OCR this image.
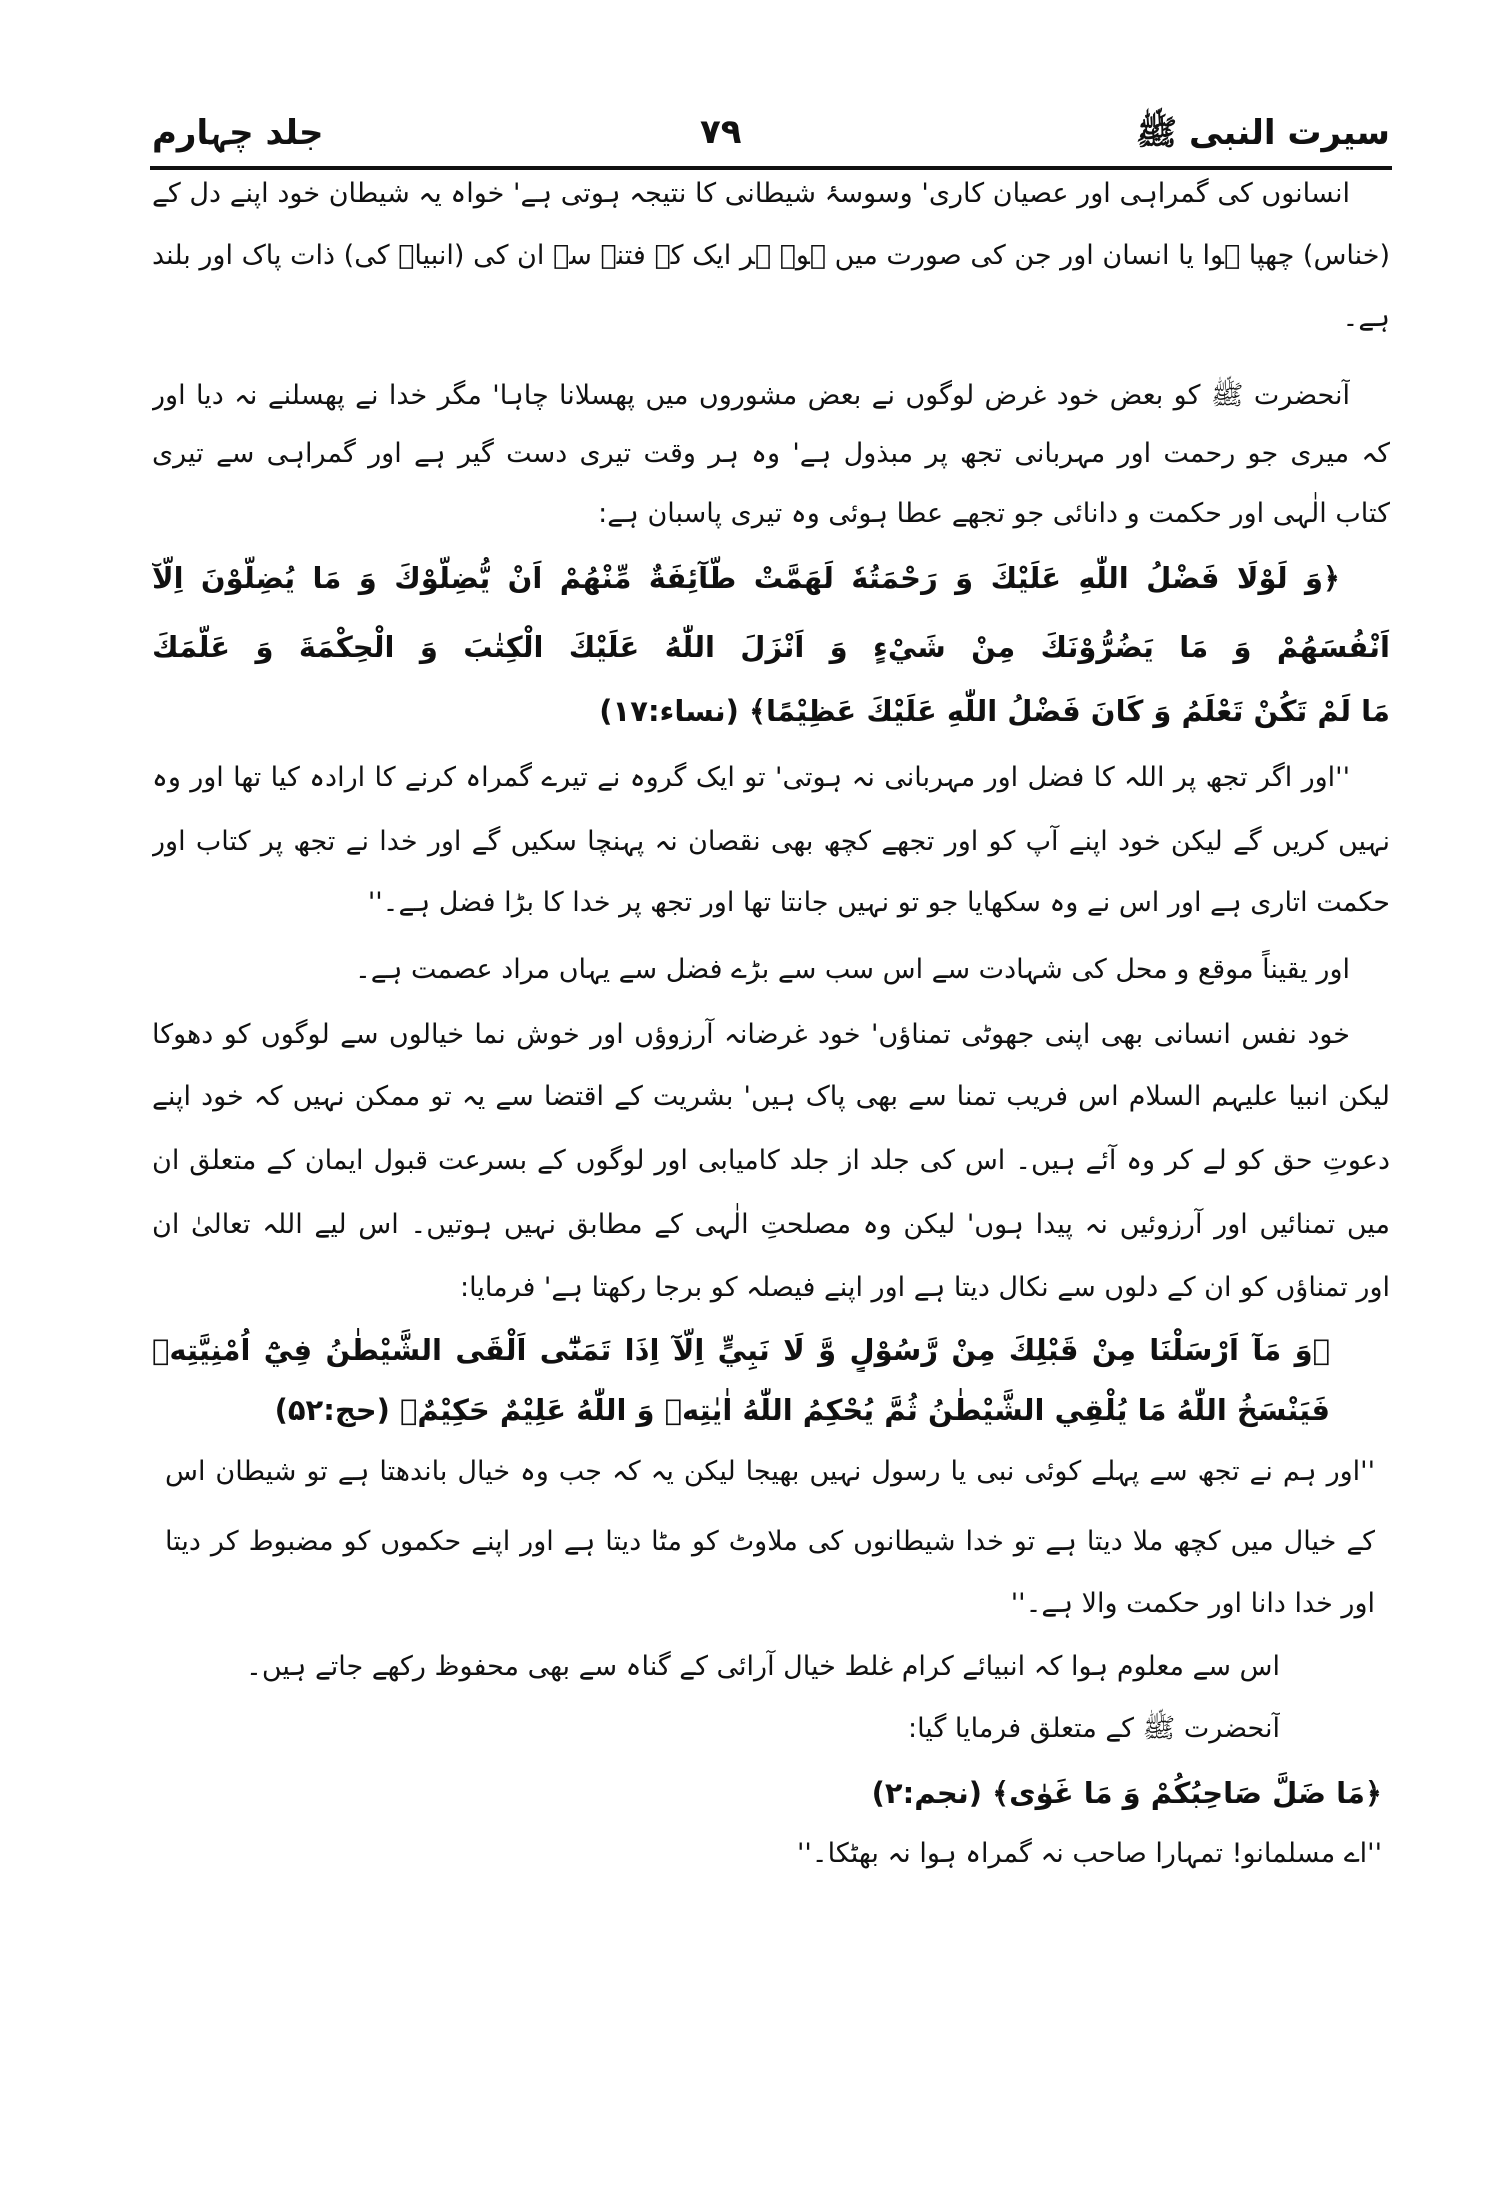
سیرت النبی ﷺ
۷۹
جلد چہارم
انسانوں کی گمراہی اور عصیان کاری' وسوسۂ شیطانی کا نتیجہ ہوتی ہے' خواہ یہ شیطان خود اپنے دل کے
(خناس) چھپا ہوا یا انسان اور جن کی صورت میں ہو۔ ہر ایک کے فتنہ سے ان کی (انبیاؑ کی) ذات پاک اور بلند
ہے۔
آنحضرت ﷺ کو بعض خود غرض لوگوں نے بعض مشوروں میں پھسلانا چاہا' مگر خدا نے پھسلنے نہ دیا اور
کہ میری جو رحمت اور مہربانی تجھ پر مبذول ہے' وہ ہر وقت تیری دست گیر ہے اور گمراہی سے تیری
کتاب الٰہی اور حکمت و دانائی جو تجھے عطا ہوئی وہ تیری پاسبان ہے:
﴿وَ لَوْلَا فَضْلُ اللّٰهِ عَلَيْكَ وَ رَحْمَتُهٗ لَهَمَّتْ طَّآئِفَةٌ مِّنْهُمْ اَنْ يُّضِلُّوْكَ وَ مَا يُضِلُّوْنَ اِلَّآ
اَنْفُسَهُمْ وَ مَا يَضُرُّوْنَكَ مِنْ شَيْءٍ وَ اَنْزَلَ اللّٰهُ عَلَيْكَ الْكِتٰبَ وَ الْحِكْمَةَ وَ عَلَّمَكَ
مَا لَمْ تَكُنْ تَعْلَمُ وَ كَانَ فَضْلُ اللّٰهِ عَلَيْكَ عَظِيْمًا﴾ (نساء:۱۷)
''اور اگر تجھ پر اللہ کا فضل اور مہربانی نہ ہوتی' تو ایک گروہ نے تیرے گمراہ کرنے کا ارادہ کیا تھا اور وہ
نہیں کریں گے لیکن خود اپنے آپ کو اور تجھے کچھ بھی نقصان نہ پہنچا سکیں گے اور خدا نے تجھ پر کتاب اور
حکمت اتاری ہے اور اس نے وہ سکھایا جو تو نہیں جانتا تھا اور تجھ پر خدا کا بڑا فضل ہے۔''
اور یقیناً موقع و محل کی شہادت سے اس سب سے بڑے فضل سے یہاں مراد عصمت ہے۔
خود نفس انسانی بھی اپنی جھوٹی تمناؤں' خود غرضانہ آرزوؤں اور خوش نما خیالوں سے لوگوں کو دھوکا
لیکن انبیا علیہم السلام اس فریب تمنا سے بھی پاک ہیں' بشریت کے اقتضا سے یہ تو ممکن نہیں کہ خود اپنے
دعوتِ حق کو لے کر وہ آئے ہیں۔ اس کی جلد از جلد کامیابی اور لوگوں کے بسرعت قبول ایمان کے متعلق ان
میں تمنائیں اور آرزوئیں نہ پیدا ہوں' لیکن وہ مصلحتِ الٰہی کے مطابق نہیں ہوتیں۔ اس لیے اللہ تعالیٰ ان
اور تمناؤں کو ان کے دلوں سے نکال دیتا ہے اور اپنے فیصلہ کو برجا رکھتا ہے' فرمایا:
﴿وَ مَآ اَرْسَلْنَا مِنْ قَبْلِكَ مِنْ رَّسُوْلٍ وَّ لَا نَبِيٍّ اِلَّآ اِذَا تَمَنّٰٓى اَلْقَى الشَّيْطٰنُ فِيْٓ اُمْنِيَّتِهٖ
فَيَنْسَخُ اللّٰهُ مَا يُلْقِي الشَّيْطٰنُ ثُمَّ يُحْكِمُ اللّٰهُ اٰيٰتِهٖ وَ اللّٰهُ عَلِيْمٌ حَكِيْمٌ﴾ (حج:۵۲)
''اور ہم نے تجھ سے پہلے کوئی نبی یا رسول نہیں بھیجا لیکن یہ کہ جب وہ خیال باندھتا ہے تو شیطان اس
کے خیال میں کچھ ملا دیتا ہے تو خدا شیطانوں کی ملاوٹ کو مٹا دیتا ہے اور اپنے حکموں کو مضبوط کر دیتا
اور خدا دانا اور حکمت والا ہے۔''
اس سے معلوم ہوا کہ انبیائے کرام غلط خیال آرائی کے گناہ سے بھی محفوظ رکھے جاتے ہیں۔
آنحضرت ﷺ کے متعلق فرمایا گیا:
﴿مَا ضَلَّ صَاحِبُكُمْ وَ مَا غَوٰى﴾ (نجم:۲)
''اے مسلمانو! تمہارا صاحب نہ گمراہ ہوا نہ بھٹکا۔''
